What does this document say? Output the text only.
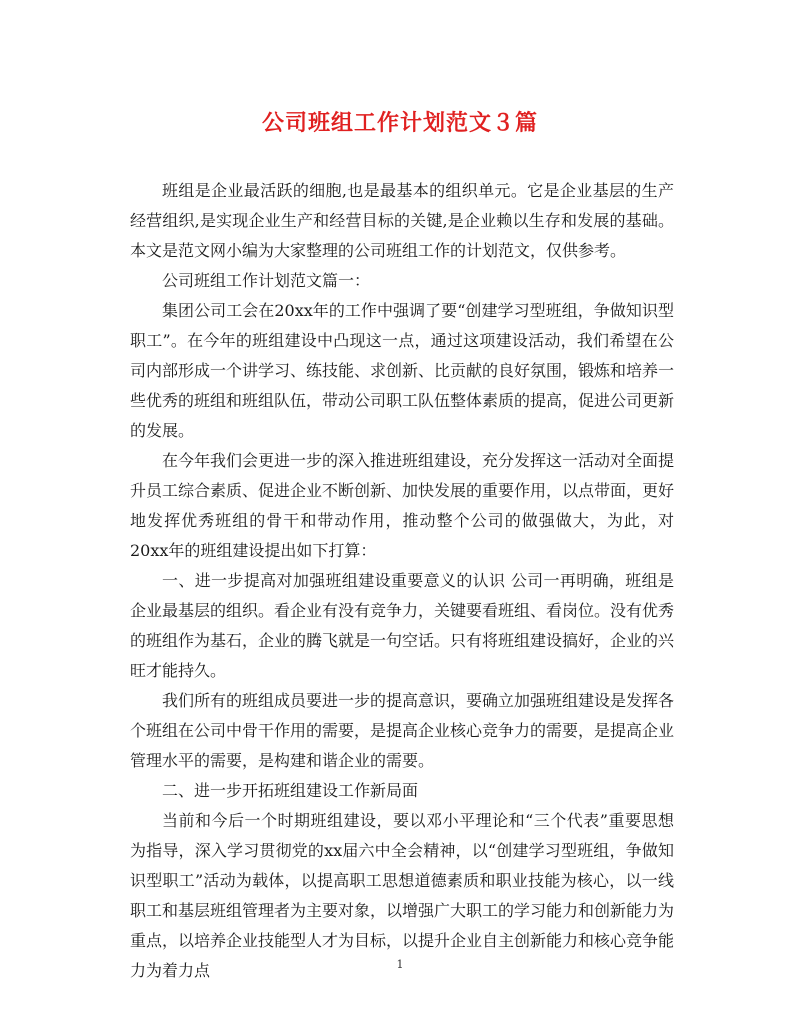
公司班组工作计划范文３篇

班组是企业最活跃的细胞,也是最基本的组织单元。它是企业基层的生产经营组织,是实现企业生产和经营目标的关键,是企业赖以生存和发展的基础。本文是范文网小编为大家整理的公司班组工作的计划范文，仅供参考。

公司班组工作计划范文篇一：

集团公司工会在20xx年的工作中强调了要“创建学习型班组，争做知识型职工”。在今年的班组建设中凸现这一点，通过这项建设活动，我们希望在公司内部形成一个讲学习、练技能、求创新、比贡献的良好氛围，锻炼和培养一些优秀的班组和班组队伍，带动公司职工队伍整体素质的提高，促进公司更新的发展。

在今年我们会更进一步的深入推进班组建设，充分发挥这一活动对全面提升员工综合素质、促进企业不断创新、加快发展的重要作用，以点带面，更好地发挥优秀班组的骨干和带动作用，推动整个公司的做强做大，为此，对20xx年的班组建设提出如下打算：

一、进一步提高对加强班组建设重要意义的认识 公司一再明确，班组是企业最基层的组织。看企业有没有竞争力，关键要看班组、看岗位。没有优秀的班组作为基石，企业的腾飞就是一句空话。只有将班组建设搞好，企业的兴旺才能持久。

我们所有的班组成员要进一步的提高意识，要确立加强班组建设是发挥各个班组在公司中骨干作用的需要，是提高企业核心竞争力的需要，是提高企业管理水平的需要，是构建和谐企业的需要。

二、进一步开拓班组建设工作新局面

当前和今后一个时期班组建设，要以邓小平理论和“三个代表”重要思想为指导，深入学习贯彻党的xx届六中全会精神，以“创建学习型班组，争做知识型职工”活动为载体，以提高职工思想道德素质和职业技能为核心，以一线职工和基层班组管理者为主要对象，以增强广大职工的学习能力和创新能力为重点，以培养企业技能型人才为目标，以提升企业自主创新能力和核心竞争能力为着力点	1
